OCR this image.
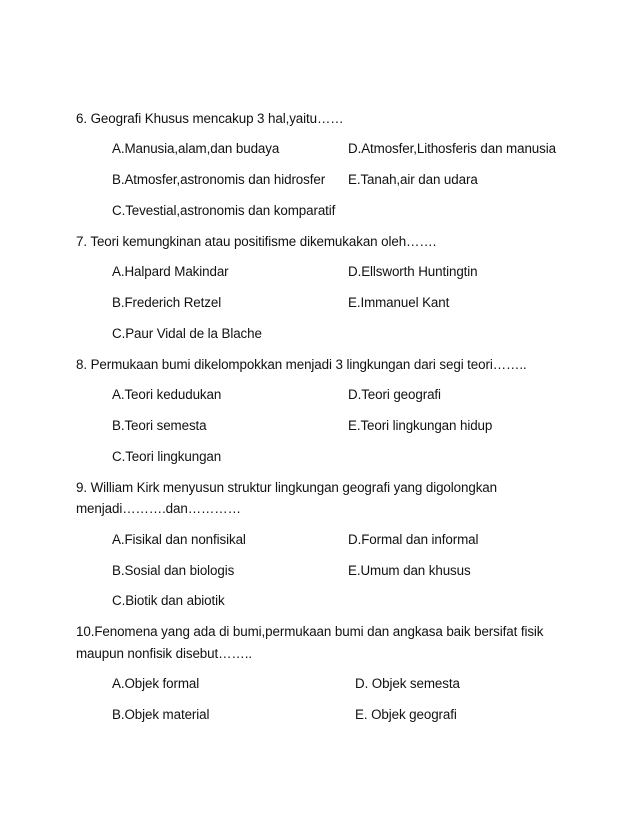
6. Geografi Khusus mencakup 3 hal,yaitu……
A.Manusia,alam,dan budaya	D.Atmosfer,Lithosferis dan manusia
B.Atmosfer,astronomis dan hidrosfer E.Tanah,air dan udara
C.Tevestial,astronomis dan komparatif
7. Teori kemungkinan atau positifisme dikemukakan oleh…….
A.Halpard Makindar	D.Ellsworth Huntingtin
B.Frederich Retzel	E.Immanuel Kant
C.Paur Vidal de la Blache
8. Permukaan bumi dikelompokkan menjadi 3 lingkungan dari segi teori……..
A.Teori kedudukan	D.Teori geografi
B.Teori semesta	E.Teori lingkungan hidup
C.Teori lingkungan
9. William Kirk menyusun struktur lingkungan geografi yang digolongkan
menjadi……….dan…………
A.Fisikal dan nonfisikal	D.Formal dan informal
B.Sosial dan biologis	E.Umum dan khusus
C.Biotik dan abiotik
10.Fenomena yang ada di bumi,permukaan bumi dan angkasa baik bersifat fisik
maupun nonfisik disebut……..
A.Objek formal	D. Objek semesta
B.Objek material	E. Objek geografi
